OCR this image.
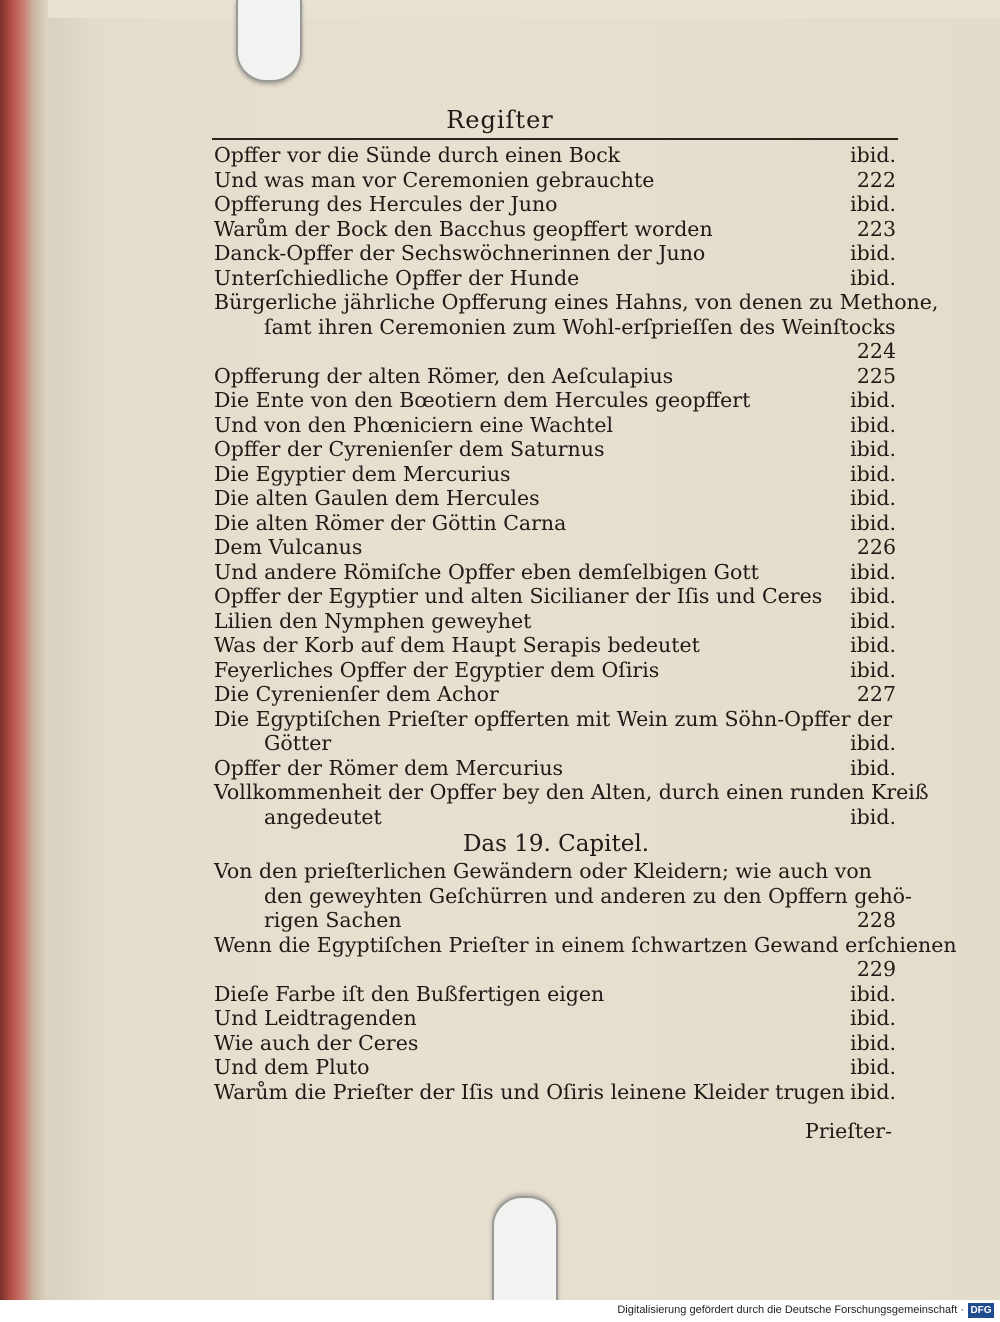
Regiſter
Opffer vor die Sünde durch einen Bock	ibid.
Und was man vor Ceremonien gebrauchte	222
Opfferung des Hercules der Juno	ibid.
Warům der Bock den Bacchus geopffert worden	223
Danck-Opffer der Sechswöchnerinnen der Juno	ibid.
Unterſchiedliche Opffer der Hunde	ibid.
Bürgerliche jährliche Opfferung eines Hahns, von denen zu Methone,
ſamt ihren Ceremonien zum Wohl-erſprieſſen des Weinſtocks
224
Opfferung der alten Römer, den Aeſculapius	225
Die Ente von den Bœotiern dem Hercules geopffert	ibid.
Und von den Phœniciern eine Wachtel	ibid.
Opffer der Cyrenienſer dem Saturnus	ibid.
Die Egyptier dem Mercurius	ibid.
Die alten Gaulen dem Hercules	ibid.
Die alten Römer der Göttin Carna	ibid.
Dem Vulcanus	226
Und andere Römiſche Opffer eben demſelbigen Gott	ibid.
Opffer der Egyptier und alten Sicilianer der Iſis und Ceres ibid.
Lilien den Nymphen geweyhet	ibid.
Was der Korb auf dem Haupt Serapis bedeutet	ibid.
Feyerliches Opffer der Egyptier dem Oſiris	ibid.
Die Cyrenienſer dem Achor	227
Die Egyptiſchen Prieſter opfferten mit Wein zum Söhn-Opffer der
Götter	ibid.
Opffer der Römer dem Mercurius	ibid.
Vollkommenheit der Opffer bey den Alten, durch einen runden Kreiß
angedeutet	ibid.
Das 19. Capitel.
Von den prieſterlichen Gewändern oder Kleidern; wie auch von
den geweyhten Geſchürren und anderen zu den Opffern gehö-
rigen Sachen	228
Wenn die Egyptiſchen Prieſter in einem ſchwartzen Gewand erſchienen
229
Dieſe Farbe iſt den Bußfertigen eigen	ibid.
Und Leidtragenden	ibid.
Wie auch der Ceres	ibid.
Und dem Pluto	ibid.
Warům die Prieſter der Iſis und Oſiris leinene Kleider trugen ibid.
Prieſter-
Digitalisierung gefördert durch die Deutsche Forschungsgemeinschaft · DFG
